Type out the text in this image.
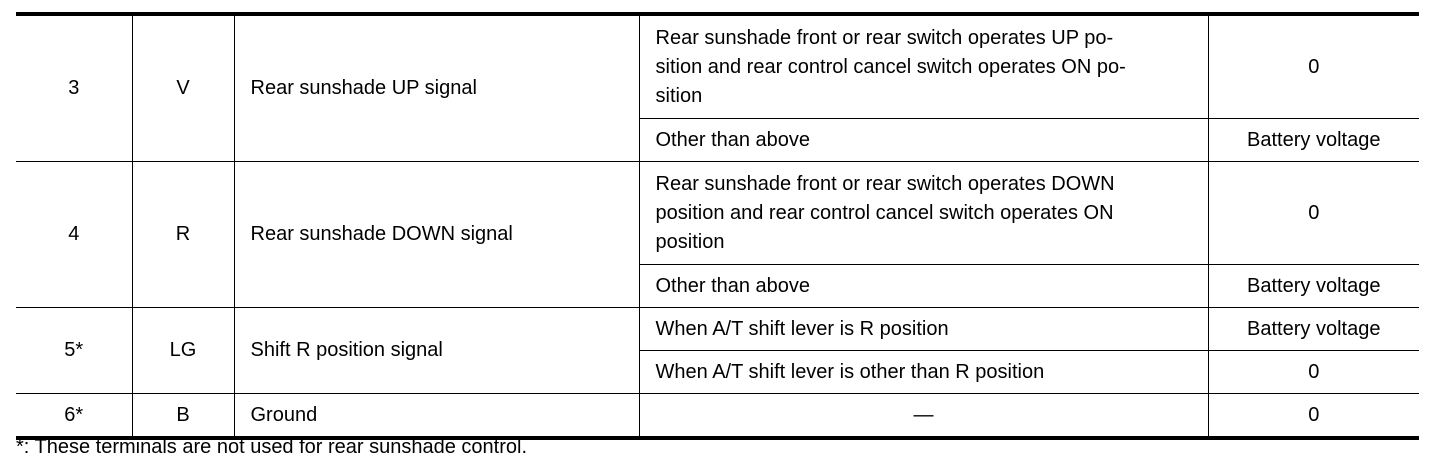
3	V	Rear sunshade UP signal	Rear sunshade front or rear switch operates UP po-
sition and rear control cancel switch operates ON po-
sition	0
			Other than above	Battery voltage
4	R	Rear sunshade DOWN signal	Rear sunshade front or rear switch operates DOWN
position and rear control cancel switch operates ON
position	0
			Other than above	Battery voltage
5*	LG	Shift R position signal	When A/T shift lever is R position	Battery voltage
			When A/T shift lever is other than R position	0
6*	B	Ground	—	0
*: These terminals are not used for rear sunshade control.
